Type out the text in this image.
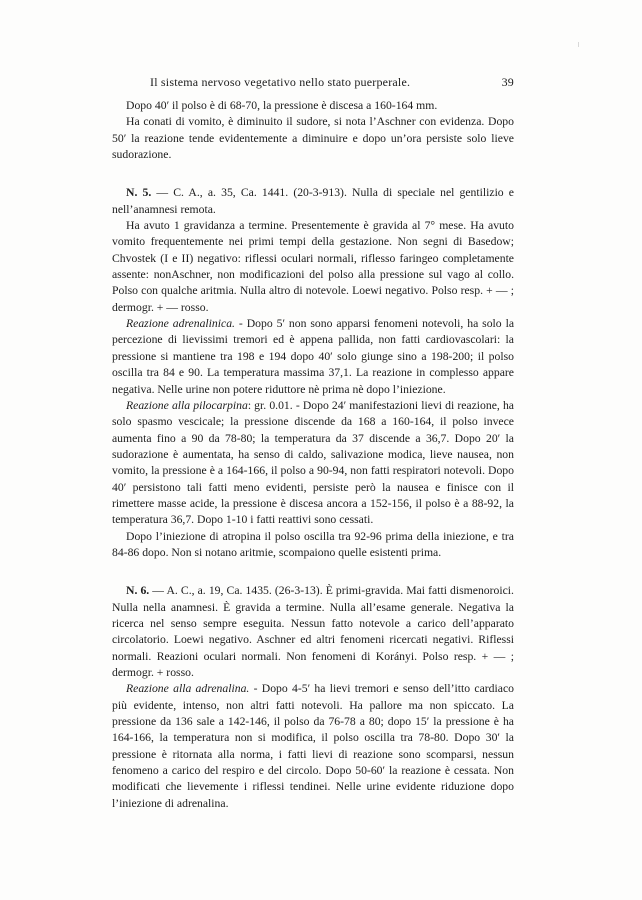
Il sistema nervoso vegetativo nello stato puerperale.	39

Dopo 40′ il polso è di 68-70, la pressione è discesa a 160-164 mm.

Ha conati di vomito, è diminuito il sudore, si nota l’Aschner con evidenza. Dopo 50′ la reazione tende evidentemente a diminuire e dopo un’ora persiste solo lieve sudorazione.

N. 5. — C. A., a. 35, Ca. 1441. (20-3-913). Nulla di speciale nel gentilizio e nell’anamnesi remota.

Ha avuto 1 gravidanza a termine. Presentemente è gravida al 7° mese. Ha avuto vomito frequentemente nei primi tempi della gestazione. Non segni di Basedow; Chvostek (I e II) negativo: riflessi oculari normali, riflesso faringeo completamente assente: nonAschner, non modificazioni del polso alla pressione sul vago al collo. Polso con qualche aritmia. Nulla altro di notevole. Loewi negativo. Polso resp. + — ; dermogr. + — rosso.

Reazione adrenalinica. - Dopo 5′ non sono apparsi fenomeni notevoli, ha solo la percezione di lievissimi tremori ed è appena pallida, non fatti cardiovascolari: la pressione si mantiene tra 198 e 194 dopo 40′ solo giunge sino a 198-200; il polso oscilla tra 84 e 90. La temperatura massima 37,1. La reazione in complesso appare negativa. Nelle urine non potere riduttore nè prima nè dopo l’iniezione.

Reazione alla pilocarpina: gr. 0.01. - Dopo 24′ manifestazioni lievi di reazione, ha solo spasmo vescicale; la pressione discende da 168 a 160-164, il polso invece aumenta fino a 90 da 78-80; la temperatura da 37 discende a 36,7. Dopo 20′ la sudorazione è aumentata, ha senso di caldo, salivazione modica, lieve nausea, non vomito, la pressione è a 164-166, il polso a 90-94, non fatti respiratori notevoli. Dopo 40′ persistono tali fatti meno evidenti, persiste però la nausea e finisce con il rimettere masse acide, la pressione è discesa ancora a 152-156, il polso è a 88-92, la temperatura 36,7. Dopo 1-10 i fatti reattivi sono cessati.

Dopo l’iniezione di atropina il polso oscilla tra 92-96 prima della iniezione, e tra 84-86 dopo. Non si notano aritmie, scompaiono quelle esistenti prima.

N. 6. — A. C., a. 19, Ca. 1435. (26-3-13). È primi-gravida. Mai fatti dismenoroici. Nulla nella anamnesi. È gravida a termine. Nulla all’esame generale. Negativa la ricerca nel senso sempre eseguita. Nessun fatto notevole a carico dell’apparato circolatorio. Loewi negativo. Aschner ed altri fenomeni ricercati negativi. Riflessi normali. Reazioni oculari normali. Non fenomeni di Korányi. Polso resp. + — ; dermogr. + rosso.

Reazione alla adrenalina. - Dopo 4-5′ ha lievi tremori e senso dell’itto cardiaco più evidente, intenso, non altri fatti notevoli. Ha pallore ma non spiccato. La pressione da 136 sale a 142-146, il polso da 76-78 a 80; dopo 15′ la pressione è ha 164-166, la temperatura non si modifica, il polso oscilla tra 78-80. Dopo 30′ la pressione è ritornata alla norma, i fatti lievi di reazione sono scomparsi, nessun fenomeno a carico del respiro e del circolo. Dopo 50-60′ la reazione è cessata. Non modificati che lievemente i riflessi tendinei. Nelle urine evidente riduzione dopo l’iniezione di adrenalina.
